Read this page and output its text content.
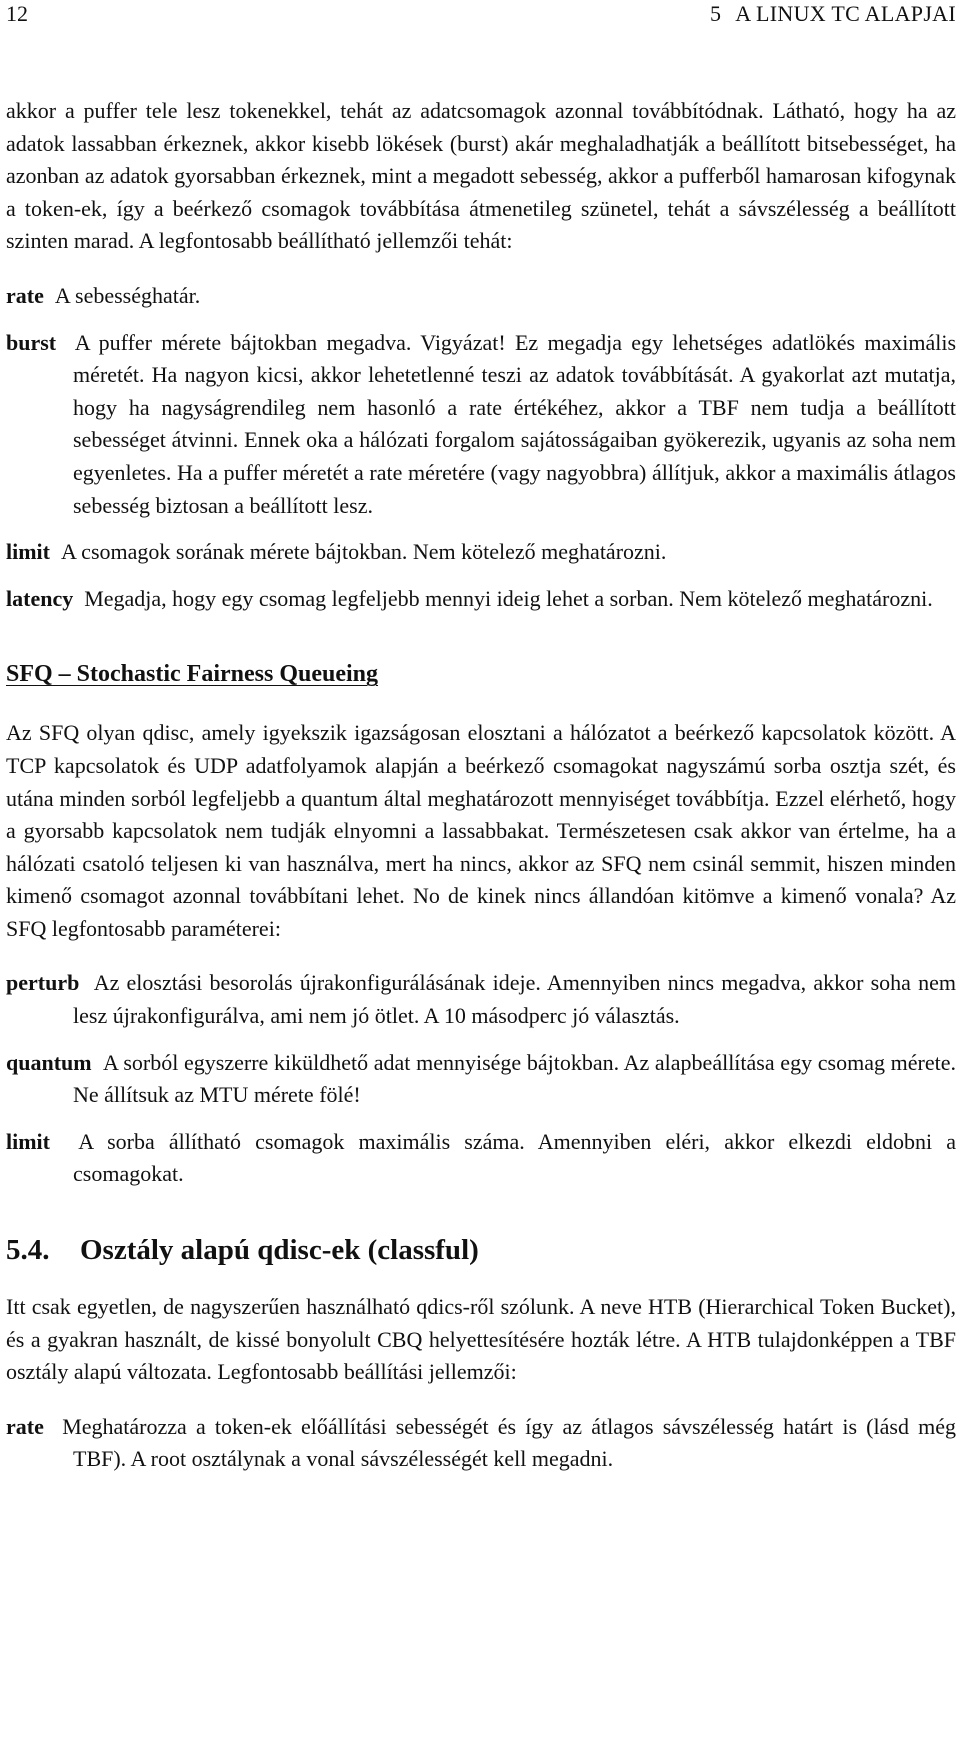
12	5 A LINUX TC ALAPJAI

akkor a puffer tele lesz tokenekkel, tehát az adatcsomagok azonnal továbbítódnak. Látható, hogy ha az adatok lassabban érkeznek, akkor kisebb lökések (burst) akár meghaladhatják a beállított bitsebességet, ha azonban az adatok gyorsabban érkeznek, mint a megadott sebesség, akkor a pufferből hamarosan kifogynak a token-ek, így a beérkező csomagok továbbítása átmenetileg szünetel, tehát a sávszélesség a beállított szinten marad. A legfontosabb beállítható jellemzői tehát:

rate A sebességhatár.

burst A puffer mérete bájtokban megadva. Vigyázat! Ez megadja egy lehetséges adatlökés maximális méretét. Ha nagyon kicsi, akkor lehetetlenné teszi az adatok továbbítását. A gyakorlat azt mutatja, hogy ha nagyságrendileg nem hasonló a rate értékéhez, akkor a TBF nem tudja a beállított sebességet átvinni. Ennek oka a hálózati forgalom sajátosságaiban gyökerezik, ugyanis az soha nem egyenletes. Ha a puffer méretét a rate méretére (vagy nagyobbra) állítjuk, akkor a maximális átlagos sebesség biztosan a beállított lesz.

limit A csomagok sorának mérete bájtokban. Nem kötelező meghatározni.

latency Megadja, hogy egy csomag legfeljebb mennyi ideig lehet a sorban. Nem kötelező meghatározni.

SFQ – Stochastic Fairness Queueing

Az SFQ olyan qdisc, amely igyekszik igazságosan elosztani a hálózatot a beérkező kapcsolatok között. A TCP kapcsolatok és UDP adatfolyamok alapján a beérkező csomagokat nagyszámú sorba osztja szét, és utána minden sorból legfeljebb a quantum által meghatározott mennyiséget továbbítja. Ezzel elérhető, hogy a gyorsabb kapcsolatok nem tudják elnyomni a lassabbakat. Természetesen csak akkor van értelme, ha a hálózati csatoló teljesen ki van használva, mert ha nincs, akkor az SFQ nem csinál semmit, hiszen minden kimenő csomagot azonnal továbbítani lehet. No de kinek nincs állandóan kitömve a kimenő vonala? Az SFQ legfontosabb paraméterei:

perturb Az elosztási besorolás újrakonfigurálásának ideje. Amennyiben nincs megadva, akkor soha nem lesz újrakonfigurálva, ami nem jó ötlet. A 10 másodperc jó választás.

quantum A sorból egyszerre kiküldhető adat mennyisége bájtokban. Az alapbeállítása egy csomag mérete. Ne állítsuk az MTU mérete fölé!

limit A sorba állítható csomagok maximális száma. Amennyiben eléri, akkor elkezdi eldobni a csomagokat.

5.4. Osztály alapú qdisc-ek (classful)

Itt csak egyetlen, de nagyszerűen használható qdics-ről szólunk. A neve HTB (Hierarchical Token Bucket), és a gyakran használt, de kissé bonyolult CBQ helyettesítésére hozták létre. A HTB tulajdonképpen a TBF osztály alapú változata. Legfontosabb beállítási jellemzői:

rate Meghatározza a token-ek előállítási sebességét és így az átlagos sávszélesség határt is (lásd még TBF). A root osztálynak a vonal sávszélességét kell megadni.
